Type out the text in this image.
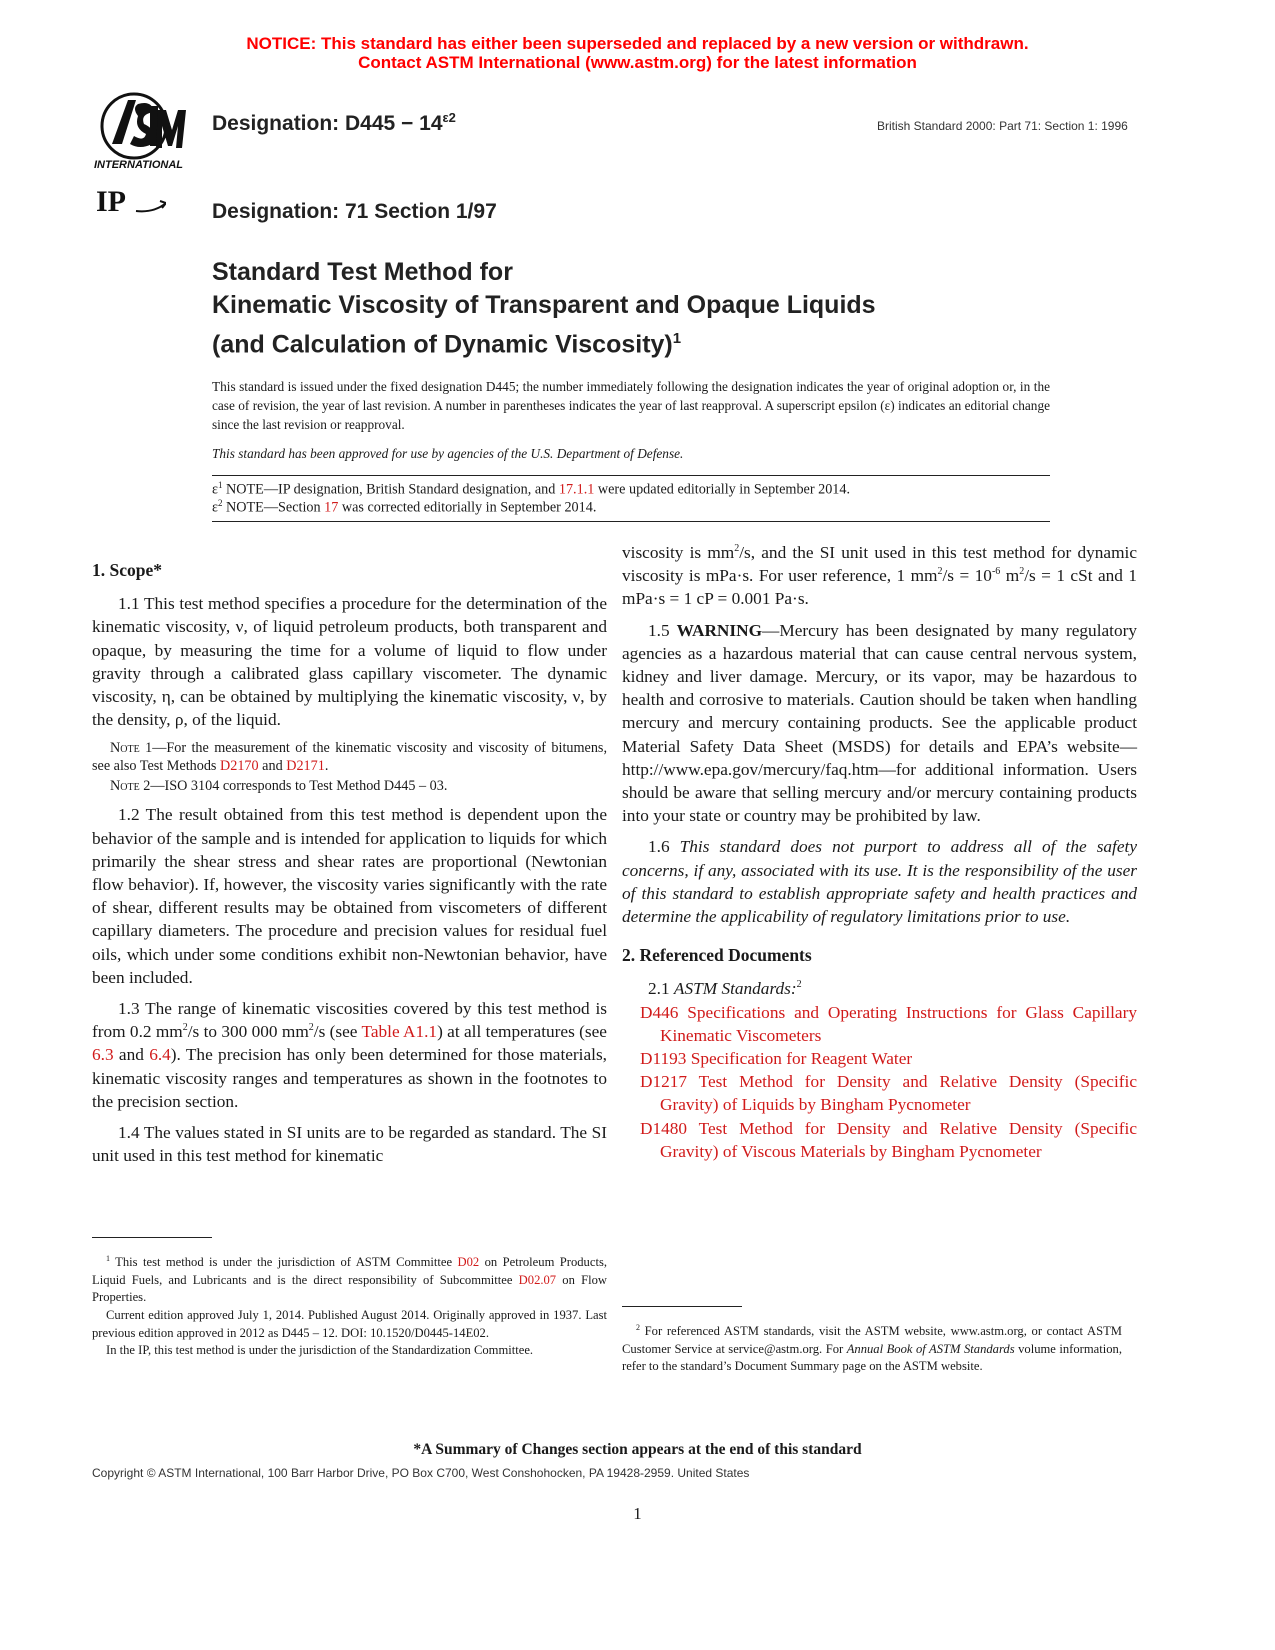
NOTICE: This standard has either been superseded and replaced by a new version or withdrawn.
Contact ASTM International (www.astm.org) for the latest information
INTERNATIONAL
IP
Designation: $D445 - 14^{\varepsilon 2}$
British Standard 2000: Part 71: Section 1: 1996
Designation: 71 Section 1/97
Standard Test Method for
Kinematic Viscosity of Transparent and Opaque Liquids
(and Calculation of Dynamic Viscosity)$^1$
This standard is issued under the fixed designation D445; the number immediately following the designation indicates the year of original adoption or, in the case of revision, the year of last revision. A number in parentheses indicates the year of last reapproval. A superscript epsilon (ε) indicates an editorial change since the last revision or reapproval.
This standard has been approved for use by agencies of the U.S. Department of Defense.
$\varepsilon^1$ NOTE—IP designation, British Standard designation, and 17.1.1 were updated editorially in September 2014.
$\varepsilon^2$ NOTE—Section 17 was corrected editorially in September 2014.
1. Scope*

1.1 This test method specifies a procedure for the determination of the kinematic viscosity, ν, of liquid petroleum products, both transparent and opaque, by measuring the time for a volume of liquid to flow under gravity through a calibrated glass capillary viscometer. The dynamic viscosity, η, can be obtained by multiplying the kinematic viscosity, ν, by the density, ρ, of the liquid.

Note 1—For the measurement of the kinematic viscosity and viscosity of bitumens, see also Test Methods D2170 and D2171.
Note 2—ISO 3104 corresponds to Test Method D445 – 03.

1.2 The result obtained from this test method is dependent upon the behavior of the sample and is intended for application to liquids for which primarily the shear stress and shear rates are proportional (Newtonian flow behavior). If, however, the viscosity varies significantly with the rate of shear, different results may be obtained from viscometers of different capillary diameters. The procedure and precision values for residual fuel oils, which under some conditions exhibit non-Newtonian behavior, have been included.

1.3 The range of kinematic viscosities covered by this test method is from 0.2 $mm^2/s$ to 300 000 $mm^2/s$ (see Table A1.1) at all temperatures (see 6.3 and 6.4). The precision has only been determined for those materials, kinematic viscosity ranges and temperatures as shown in the footnotes to the precision section.

1.4 The values stated in SI units are to be regarded as standard. The SI unit used in this test method for kinematic

$^1$ This test method is under the jurisdiction of ASTM Committee D02 on Petroleum Products, Liquid Fuels, and Lubricants and is the direct responsibility of Subcommittee D02.07 on Flow Properties.

Current edition approved July 1, 2014. Published August 2014. Originally approved in 1937. Last previous edition approved in 2012 as D445 – 12. DOI: 10.1520/D0445-14E02.

In the IP, this test method is under the jurisdiction of the Standardization Committee.

viscosity is $mm^2/s$, and the SI unit used in this test method for dynamic viscosity is mPa·s. For user reference, 1 $mm^2/s = 10^{-6}$ $m^2/s = 1$ cSt and 1 mPa·s = 1 cP = 0.001 Pa·s.

1.5 WARNING—Mercury has been designated by many regulatory agencies as a hazardous material that can cause central nervous system, kidney and liver damage. Mercury, or its vapor, may be hazardous to health and corrosive to materials. Caution should be taken when handling mercury and mercury containing products. See the applicable product Material Safety Data Sheet (MSDS) for details and EPA’s website—http://www.epa.gov/mercury/faq.htm—for additional information. Users should be aware that selling mercury and/or mercury containing products into your state or country may be prohibited by law.

1.6 This standard does not purport to address all of the safety concerns, if any, associated with its use. It is the responsibility of the user of this standard to establish appropriate safety and health practices and determine the applicability of regulatory limitations prior to use.

2. Referenced Documents

2.1 ASTM Standards:$^2$

D446 Specifications and Operating Instructions for Glass Capillary Kinematic Viscometers
D1193 Specification for Reagent Water
D1217 Test Method for Density and Relative Density (Specific Gravity) of Liquids by Bingham Pycnometer
D1480 Test Method for Density and Relative Density (Specific Gravity) of Viscous Materials by Bingham Pycnometer

$^2$ For referenced ASTM standards, visit the ASTM website, www.astm.org, or contact ASTM Customer Service at service@astm.org. For Annual Book of ASTM Standards volume information, refer to the standard’s Document Summary page on the ASTM website.

*A Summary of Changes section appears at the end of this standard
Copyright © ASTM International, 100 Barr Harbor Drive, PO Box C700, West Conshohocken, PA 19428-2959. United States
1
